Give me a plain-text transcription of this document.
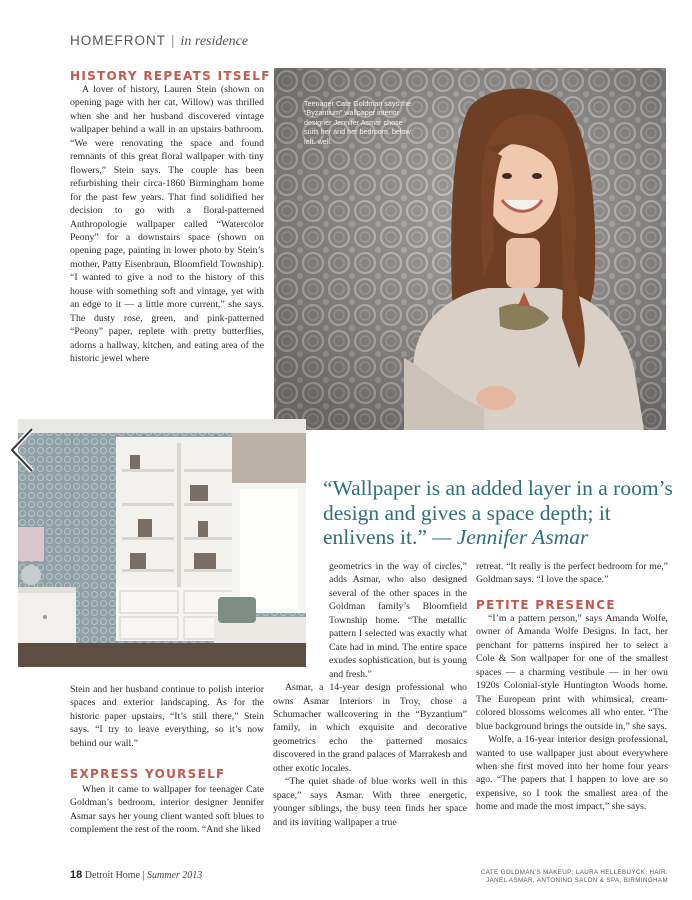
HOMEFRONT | in residence
HISTORY REPEATS ITSELF

A lover of history, Lauren Stein (shown on opening page with her cat, Willow) was thrilled when she and her husband discovered vintage wallpaper behind a wall in an upstairs bathroom. “We were renovating the space and found remnants of this great floral wallpaper with tiny flowers,” Stein says. The couple has been refurbishing their circa-1860 Birmingham home for the past few years. That find solidified her decision to go with a floral-patterned Anthropologie wallpaper called “Watercolor Peony” for a downstairs space (shown on opening page, painting in lower photo by Stein’s mother, Patty Eisenbraun, Bloomfield Township). “I wanted to give a nod to the history of this house with something soft and vintage, yet with an edge to it — a little more current,” she says. The dusty rose, green, and pink-patterned “Peony” paper, replete with pretty butterflies, adorns a hallway, kitchen, and eating area of the historic jewel where

Teenager Cate Goldman says the “Byzantium” wallpaper interior designer Jennifer Asmar chose suits her and her bedroom, below left. well.
“Wallpaper is an added layer in a room’s design and gives a space depth; it enlivens it.” — Jennifer Asmar

Stein and her husband continue to polish interior spaces and exterior landscaping. As for the historic paper upstairs, “It’s still there,” Stein says. “I try to leave everything, so it’s now behind our wall.”

EXPRESS YOURSELF

When it came to wallpaper for teenager Cate Goldman’s bedroom, interior designer Jennifer Asmar says her young client wanted soft blues to complement the rest of the room. “And she liked

geometrics in the way of circles,” adds Asmar, who also designed several of the other spaces in the Goldman family’s Bloomfield Township home. “The metallic pattern I selected was exactly what Cate had in mind. The entire space exudes sophistication, but is young and fresh.”

Asmar, a 14-year design professional who owns Asmar Interiors in Troy, chose a Schumacher wallcovering in the “Byzantium” family, in which exquisite and decorative geometrics echo the patterned mosaics discovered in the grand palaces of Marrakesh and other exotic locales.

“The quiet shade of blue works well in this space,” says Asmar. With three energetic, younger siblings, the busy teen finds her space and its inviting wallpaper a true

retreat. “It really is the perfect bedroom for me,” Goldman says. “I love the space.”

PETITE PRESENCE

“I’m a pattern person,” says Amanda Wolfe, owner of Amanda Wolfe Designs. In fact, her penchant for patterns inspired her to select a Cole & Son wallpaper for one of the smallest spaces — a charming vestibule — in her own 1920s Colonial-style Huntington Woods home. The European print with whimsical, cream-colored blossoms welcomes all who enter. “The blue background brings the outside in,” she says.

Wolfe, a 16-year interior design professional, wanted to use wallpaper just about everywhere when she first moved into her home four years ago. “The papers that I happen to love are so expensive, so I took the smallest area of the home and made the most impact,” she says.

18 Detroit Home | Summer 2013	CATE GOLDMAN’S MAKEUP: LAURA HELLEBUYCK; HAIR:
JANEL ASMAR, ANTONINO SALON & SPA, BIRMINGHAM
